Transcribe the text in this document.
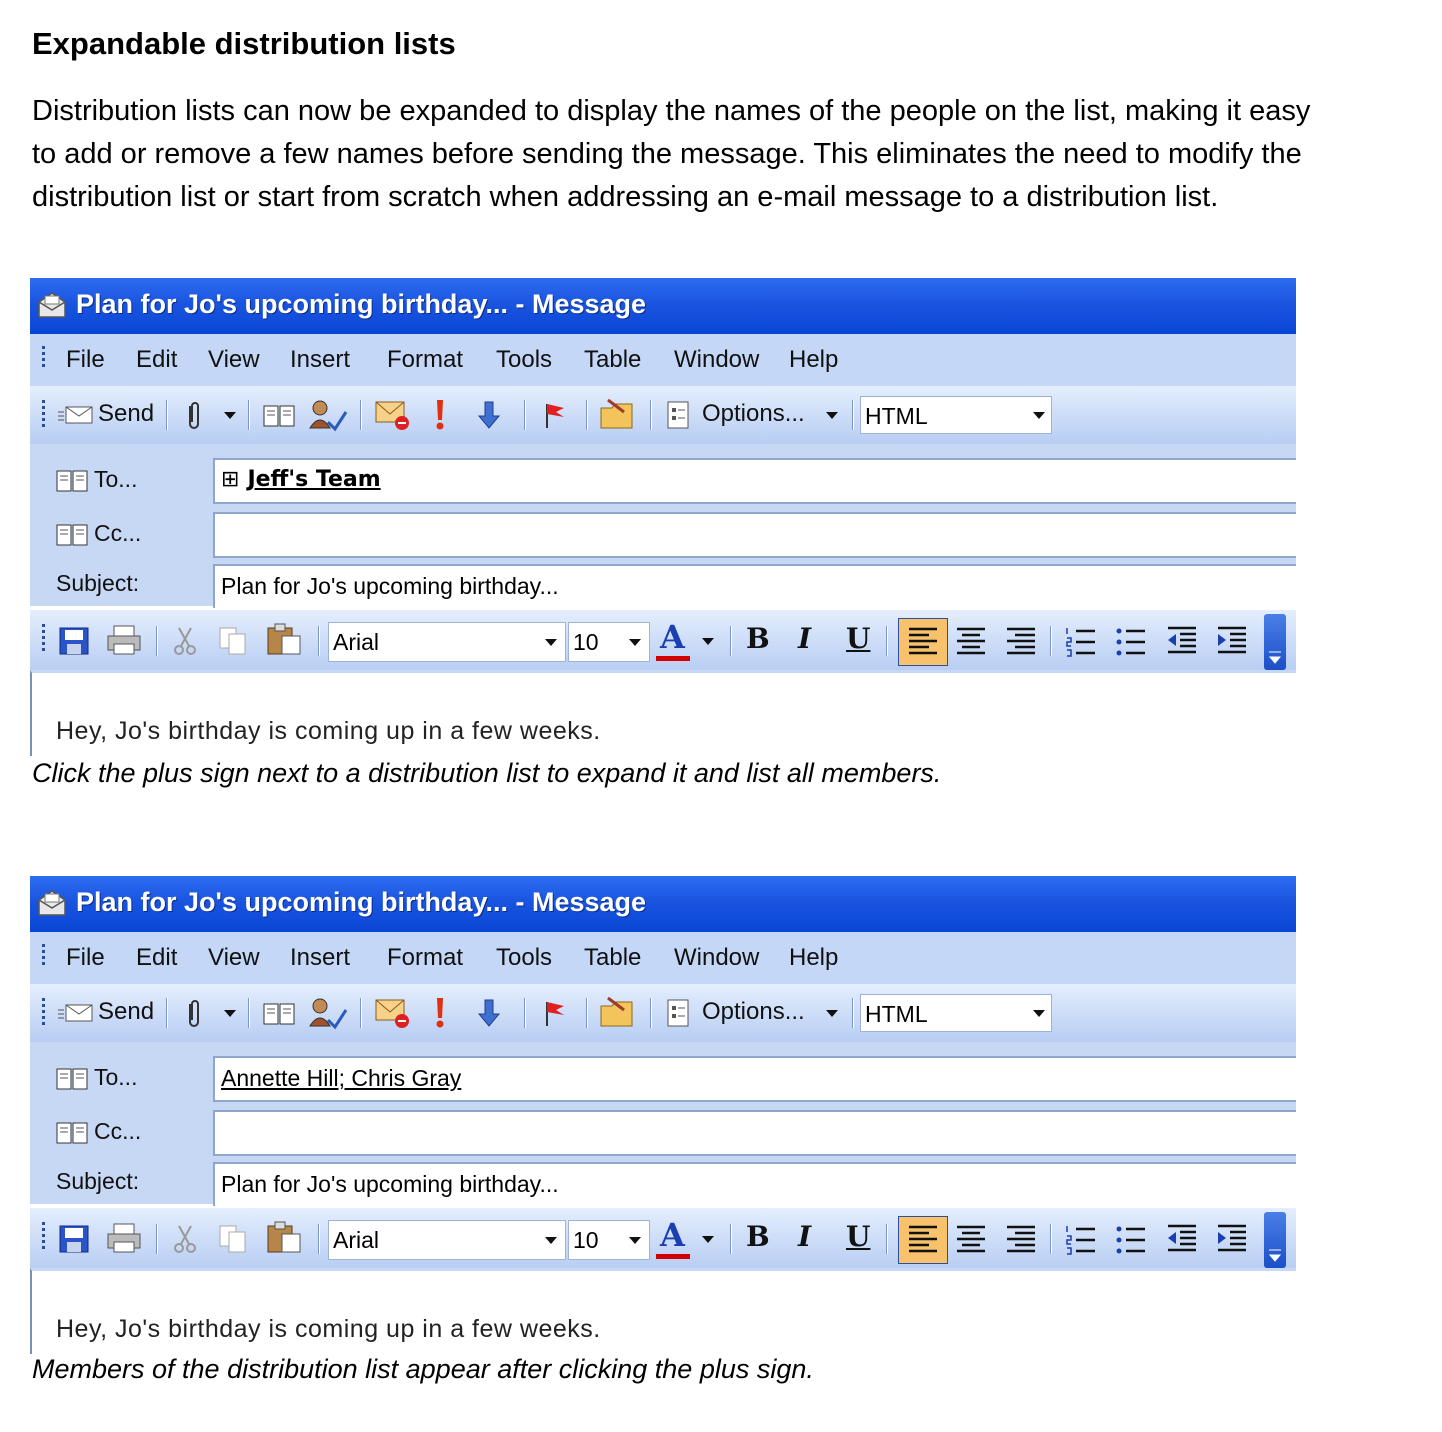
Expandable distribution lists
Distribution lists can now be expanded to display the names of the people on the list, making it easy to add or remove a few names before sending the message. This eliminates the need to modify the distribution list or start from scratch when addressing an e-mail message to a distribution list.
Plan for Jo's upcoming birthday... - Message
File Edit View Insert Format Tools Table Window Help
Send	Options...	HTML
To...	⊞ Jeff's Team
Cc...
Subject:	Plan for Jo's upcoming birthday...
Arial	10 A B I U
Hey, Jo's birthday is coming up in a few weeks.
Click the plus sign next to a distribution list to expand it and list all members.
Plan for Jo's upcoming birthday... - Message
File Edit View Insert Format Tools Table Window Help
Send	Options...	HTML
To...	Annette Hill; Chris Gray
Cc...
Subject:	Plan for Jo's upcoming birthday...
Arial	10 A B I U
Hey, Jo's birthday is coming up in a few weeks.
Members of the distribution list appear after clicking the plus sign.
